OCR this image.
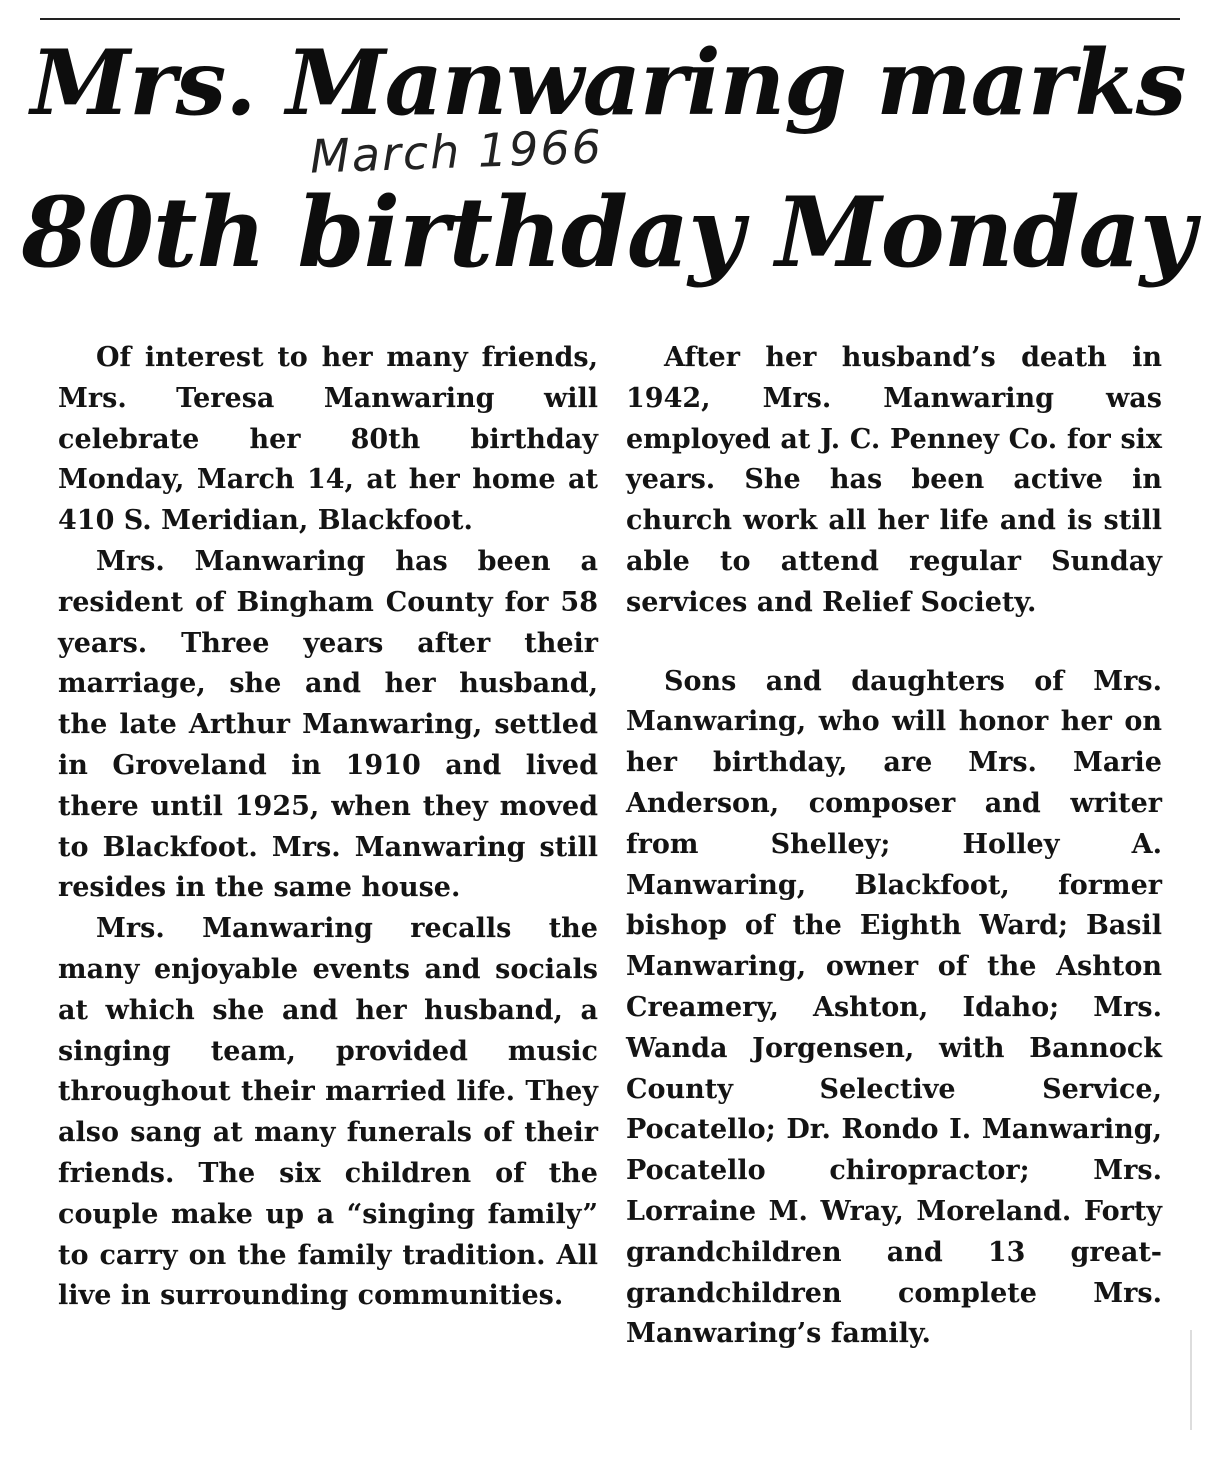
Mrs. Manwaring marks
March 1966
80th birthday Monday

Of interest to her many friends, Mrs. Teresa Manwaring will celebrate her 80th birthday Monday, March 14, at her home at 410 S. Meridian, Blackfoot.

Mrs. Manwaring has been a resident of Bingham County for 58 years. Three years after their marriage, she and her husband, the late Arthur Manwaring, settled in Groveland in 1910 and lived there until 1925, when they moved to Blackfoot. Mrs. Manwaring still resides in the same house.

Mrs. Manwaring recalls the many enjoyable events and socials at which she and her husband, a singing team, provided music throughout their married life. They also sang at many funerals of their friends. The six children of the couple make up a “singing family” to carry on the family tradition. All live in surrounding communities.

After her husband’s death in 1942, Mrs. Manwaring was employed at J. C. Penney Co. for six years. She has been active in church work all her life and is still able to attend regular Sunday services and Relief Society.

Sons and daughters of Mrs. Manwaring, who will honor her on her birthday, are Mrs. Marie Anderson, composer and writer from Shelley; Holley A. Manwaring, Blackfoot, former bishop of the Eighth Ward; Basil Manwaring, owner of the Ashton Creamery, Ashton, Idaho; Mrs. Wanda Jorgensen, with Bannock County Selective Service, Pocatello; Dr. Rondo I. Manwaring, Pocatello chiropractor; Mrs. Lorraine M. Wray, Moreland. Forty grandchildren and 13 great-grandchildren complete Mrs. Manwaring’s family.
